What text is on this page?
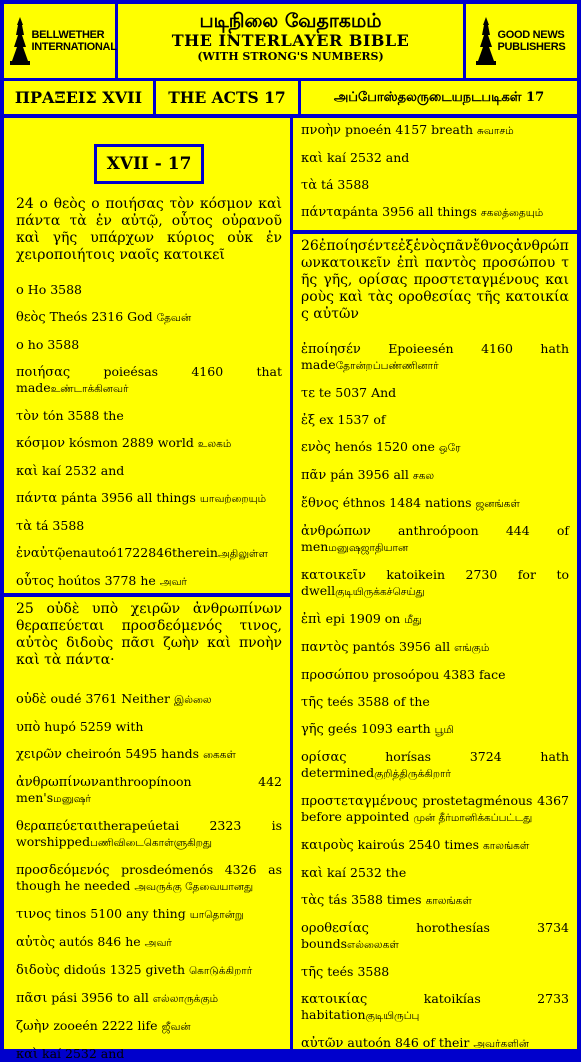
BELLWETHER INTERNATIONAL
படிநிலை வேதாகமம்
THE INTERLAYER BIBLE
(WITH STRONG'S NUMBERS)
GOOD NEWS PUBLISHERS
ΠΡΑΞΕΙΣ XVII	THE ACTS 17	அப்போஸ்தலருடையநடபடிகள் 17
XVII - 17
24 ο θεὸς ο ποιήσας τὸν κόσμον καὶ πάντα τὰ ἐν αὐτῷ, οὗτος οὐρανοῦ καὶ γῆς υπάρχων κύριος οὐκ ἐν χειροποιήτοις ναοῖς κατοικεῖ
ο Ho 3588
θεὸς Theós 2316 God தேவன்
ο ho 3588
ποιήσας poieésas 4160 that madeஉண்டாக்கினவர்
τὸν tón 3588 the
κόσμον kósmon 2889 world உலகம்
καὶ kaí 2532 and
πάντα pánta 3956 all things யாவற்றையும்
τὰ tá 3588
ἐναὐτῷenautoó1722846thereinஅதிலுள்ள
οὗτος hoútos 3778 he அவர்
25 οὐδὲ υπὸ χειρῶν ἀνθρωπίνων θεραπεύεται προσδεόμενός τινος, αὐτὸς διδοὺς πᾶσι ζωὴν καὶ πνοὴν καὶ τὰ πάντα·
οὐδὲ oudé 3761 Neither இல்லை
υπὸ hupó 5259 with
χειρῶν cheiroón 5495 hands கைகள்
ἀνθρωπίνωνanthroopínoon 442 men'sமனுஷர்
θεραπεύεταιtherapeúetai 2323 is worshippedபணிவிடைகொள்ளுகிறது
προσδεόμενός prosdeómenós 4326 as though he needed அவருக்கு தேவையானது
τινος tinos 5100 any thing யாதொன்று
αὐτὸς autós 846 he அவர்
διδοὺς didoús 1325 giveth கொடுக்கிறார்
πᾶσι pási 3956 to all எல்லாருக்கும்
ζωὴν zooeén 2222 life ஜீவன்
καὶ kaí 2532 and
πνοὴν pnoeén 4157 breath சுவாசம்
καὶ kaí 2532 and
τὰ tá 3588
πάνταpánta 3956 all things சகலத்தையும்
26ἐποίησέντεἐξἑνὸςπᾶνἔθνοςἀνθρώπωνκατοικεῖν ἐπὶ παντὸς προσώπου τῆς γῆς, ορίσας προστεταγμένους καιροὺς καὶ τὰς οροθεσίας τῆς κατοικίας αὐτῶν
ἐποίησέν Epoieesén 4160 hath madeதோன்றப்பண்ணினார்
τε te 5037 And
ἐξ ex 1537 of
ενὸς henós 1520 one ஒரே
πᾶν pán 3956 all சகல
ἔθνος éthnos 1484 nations ஜனங்கள்
ἀνθρώπων anthroópoon 444 of menமனுஷஜாதியான
κατοικεῖν katoikein 2730 for to dwellகுடியிருக்கச்செய்து
ἐπὶ epi 1909 on மீது
παντὸς pantós 3956 all எங்கும்
προσώπου prosoópou 4383 face
τῆς teés 3588 of the
γῆς geés 1093 earth பூமி
ορίσας horísas 3724 hath determinedகுறித்திருக்கிறார்
προστεταγμένους prostetagménous 4367 before appointed முன் தீர்மானிக்கப்பட்டது
καιροὺς kairoús 2540 times காலங்கள்
καὶ kaí 2532 the
τὰς tás 3588 times காலங்கள்
οροθεσίας horothesías 3734 boundsஎல்லைகள்
τῆς teés 3588
κατοικίας katoikías 2733 habitationகுடியிருப்பு
αὐτῶν autoón 846 of their அவர்களின்
